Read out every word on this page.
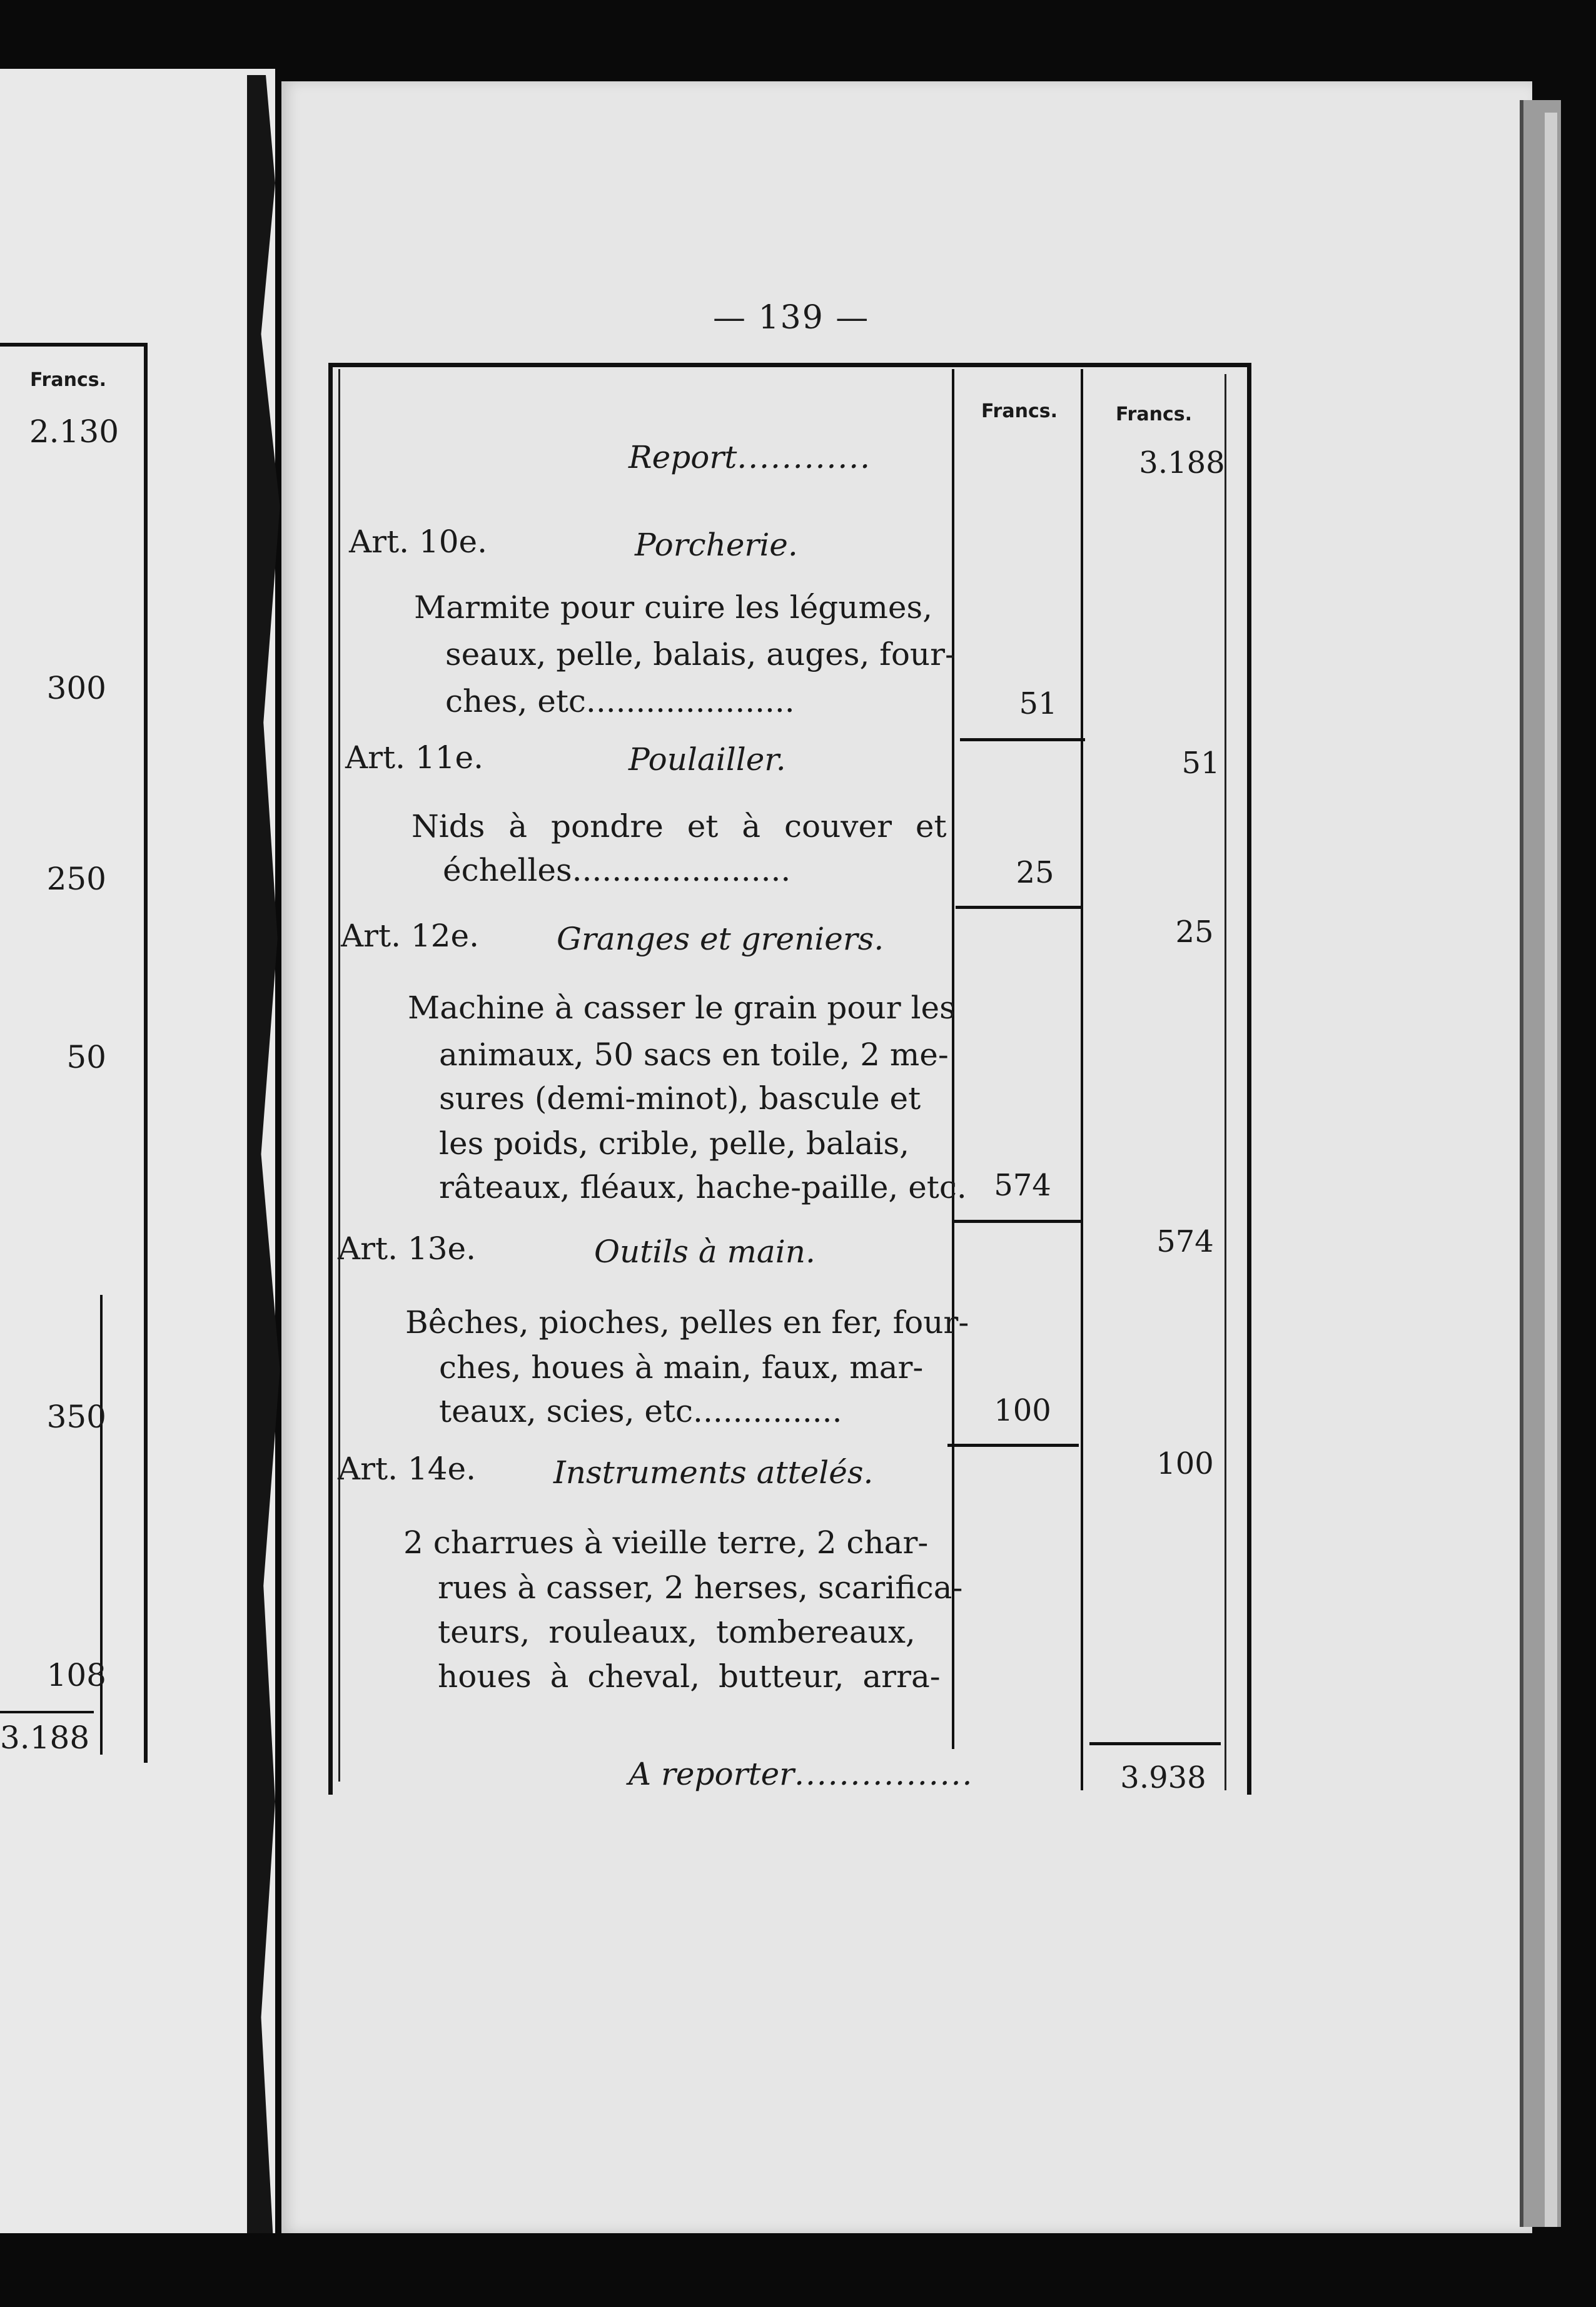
Francs.
2.130
300
250
50
350
108
3.188
— 139 —
Francs.	Francs.
Report............	3.188
Art. 10e.	Porcherie.
Marmite pour cuire les légumes,
seaux, pelle, balais, auges, four-
ches, etc.....................	51
Art. 11e.	Poulailler.	51
Nids à pondre et à couver et
échelles......................	25
Art. 12e. Granges et greniers.	25
Machine à casser le grain pour les
animaux, 50 sacs en toile, 2 me-
sures (demi-minot), bascule et
les poids, crible, pelle, balais,
râteaux, fléaux, hache-paille, etc. 574
Art. 13e.	Outils à main.	574
Bêches, pioches, pelles en fer, four-
ches, houes à main, faux, mar-
teaux, scies, etc...............	100
Art. 14e. Instruments attelés.	100
2 charrues à vieille terre, 2 char-
rues à casser, 2 herses, scarifica-
teurs, rouleaux, tombereaux,
houes à cheval, butteur, arra-
A reporter................	3.938
